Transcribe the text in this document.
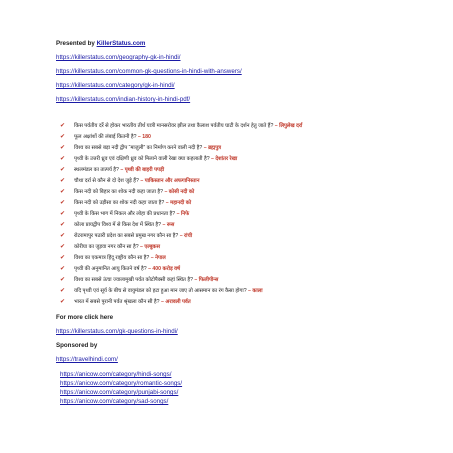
Presented by KillerStatus.com
https://killerstatus.com/geography-gk-in-hindi/
https://killerstatus.com/common-gk-questions-in-hindi-with-answers/
https://killerstatus.com/category/gk-in-hindi/
https://killerstatus.com/indian-history-in-hindi-pdf/
✔ किस पर्वतीय दर्रे से होकर भारतीय तीर्थ यात्री मानसरोवर झील तथा कैलाश पर्वतीय घाटी के दर्शन हेतु जाते हैं? – लिपुलेख दर्रा
✔ फूल अक्षांशों की लंबाई कितनी है? – 180
✔ विश्व का सबसे बड़ा नदी द्वीप “माजुली” का निर्माण करने वाली नदी है? – ब्रह्मपुत्र
✔ पृथ्वी के उत्तरी ध्रुव एवं दक्षिणी ध्रुव को मिलाने वाली रेखा क्या कहलाती है? – देशांतर रेखा
✔ स्थलमंडल का तात्पर्य है? – पृथ्वी की बाहरी पपड़ी
✔ चौथा दर्रा से कौन से दो देश जुड़े हैं? – पाकिस्तान और अफगानिस्तान
✔ किस नदी को बिहार का शोक नदी कहा जाता है? – कोसी नदी को
✔ किस नदी को उड़ीसा का शोक नदी कहा जाता है? – महानदी को
✔ पृथ्वी के किस भाग में निकल और लोहा की प्रधानता है? – निफे
✔ कोला प्रायद्वीप विश्व में से किस देश में स्थित है? – रूस
✔ रोटरामापुर पठारी प्रदेश का सबसे प्रमुख नगर कौन सा है? – रांची
✔ कोरीया का जुड़वा नगर कौन सा है? – एल्बुकस
✔ विश्व का एकमात्र हिंदू राष्ट्रीय कौन सा है? – नेपाल
✔ पृथ्वी की अनुमानित आयु कितने वर्ष है? – 400 करोड़ वर्ष
✔ विश्व का सबसे ऊंचा ज्वालामुखी पर्वत कोटोपैक्सी कहां स्थित है? – फिलीपीन्स
✔ यदि पृथ्वी एवं सूर्य के बीच से वायुमंडल को हटा हुआ मान जाए तो आसमान का रंग कैसा होगा? – काला
✔ भारत में सबसे पुरानी पर्वत श्रृंखला कौन सी है? – अरावली पर्वत
For more click here
https://killerstatus.com/gk-questions-in-hindi/
Sponsored by
https://travelhindi.com/
https://anicow.com/category/hindi-songs/
https://anicow.com/category/romantic-songs/
https://anicow.com/category/punjabi-songs/
https://anicow.com/category/sad-songs/
